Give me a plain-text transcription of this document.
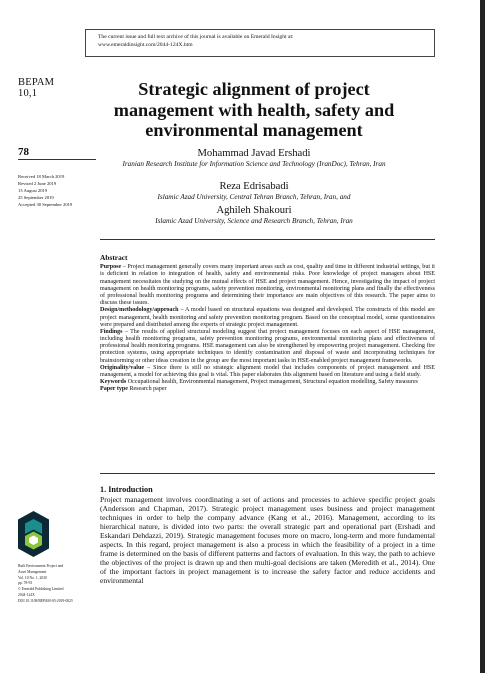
The current issue and full text archive of this journal is available on Emerald Insight at:
www.emeraldinsight.com/2044-124X.htm
BEPAM
10,1	Strategic alignment of project management with health, safety and environmental management
78
Received 18 March 2019
Revised 2 June 2019
13 August 2019
25 September 2019
Accepted 30 September 2019
Mohammad Javad Ershadi
Iranian Research Institute for Information Science and Technology (IranDoc), Tehran, Iran
Reza Edrisabadi
Islamic Azad University, Central Tehran Branch, Tehran, Iran, and
Aghileh Shakouri
Islamic Azad University, Science and Research Branch, Tehran, Iran
Abstract

Purpose – Project management generally covers many important areas such as cost, quality and time in different industrial settings, but it is deficient in relation to integration of health, safety and environmental risks. Poor knowledge of project managers about HSE management necessitates the studying on the mutual effects of HSE and project management. Hence, investigating the impact of project management on health monitoring programs, safety prevention monitoring, environmental monitoring plans and finally the effectiveness of professional health monitoring programs and determining their importance are main objectives of this research. The paper aims to discuss these issues.

Design/methodology/approach – A model based on structural equations was designed and developed. The constructs of this model are project management, health monitoring and safety prevention monitoring program. Based on the conceptual model, some questionnaires were prepared and distributed among the experts of strategic project management.

Findings – The results of applied structural modeling suggest that project management focuses on each aspect of HSE management, including health monitoring programs, safety prevention monitoring programs, environmental monitoring plans and effectiveness of professional health monitoring programs. HSE management can also be strengthened by empowering project management. Checking fire protection systems, using appropriate techniques to identify contamination and disposal of waste and incorporating techniques for brainstorming or other ideas creation in the group are the most important tasks in HSE-enabled project management frameworks.

Originality/value – Since there is still no strategic alignment model that includes components of project management and HSE management, a model for achieving this goal is vital. This paper elaborates this alignment based on literature and using a field study.

Keywords Occupational health, Environmental management, Project management, Structural equation modelling, Safety measures

Paper type Research paper

1. Introduction
Project management involves coordinating a set of actions and processes to achieve specific project goals (Andersson and Chapman, 2017). Strategic project management uses business and project management techniques in order to help the company advance (Kang et al., 2016). Management, according to its hierarchical nature, is divided into two parts: the overall strategic part and operational part (Ershadi and Eskandari Dehdazzi, 2019). Strategic management focuses more on macro, long-term and more fundamental aspects. In this regard, project management is also a process in which the feasibility of a project in a time frame is determined on the basis of different patterns and factors of evaluation. In this way, the path to achieve the objectives of the project is drawn up and then multi-goal decisions are taken (Meredith et al., 2014). One of the important factors in project management is to increase the safety factor and reduce accidents and environmental
Built Environment Project and
Asset Management
Vol. 10 No. 1, 2020
pp. 78-93
© Emerald Publishing Limited
2044-124X
DOI 10.1108/BEPAM-03-2019-0025
